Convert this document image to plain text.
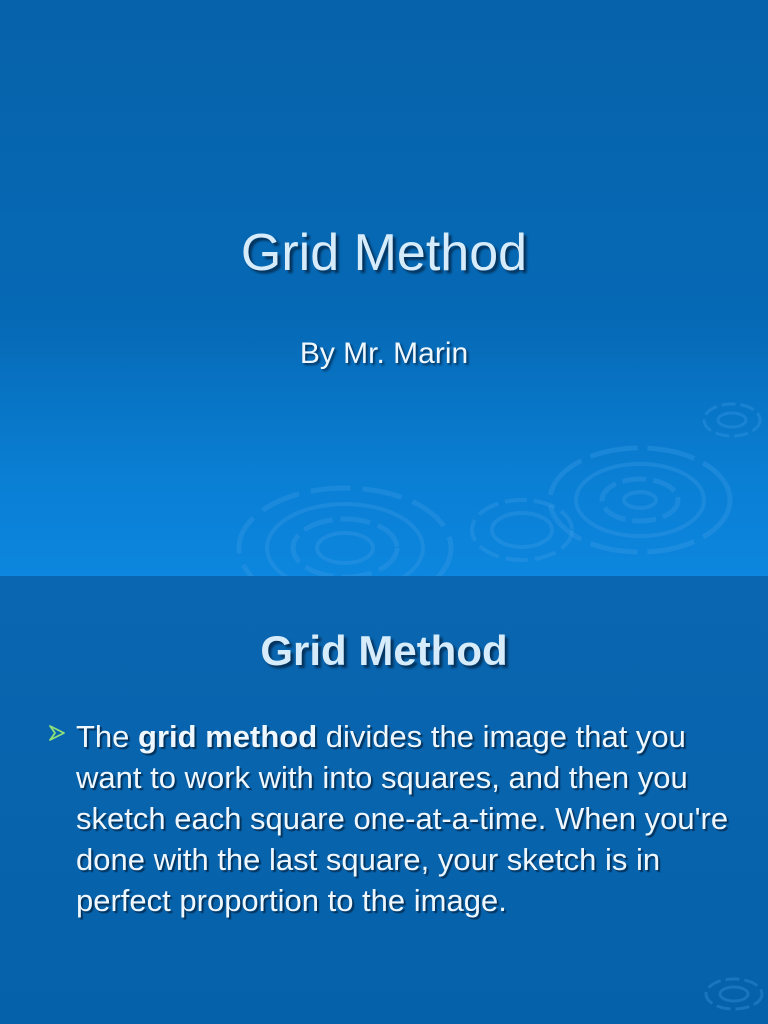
Grid Method

By Mr. Marin

Grid Method
The grid method divides the image that you want to work with into squares, and then you sketch each square one-at-a-time. When you're done with the last square, your sketch is in perfect proportion to the image.
